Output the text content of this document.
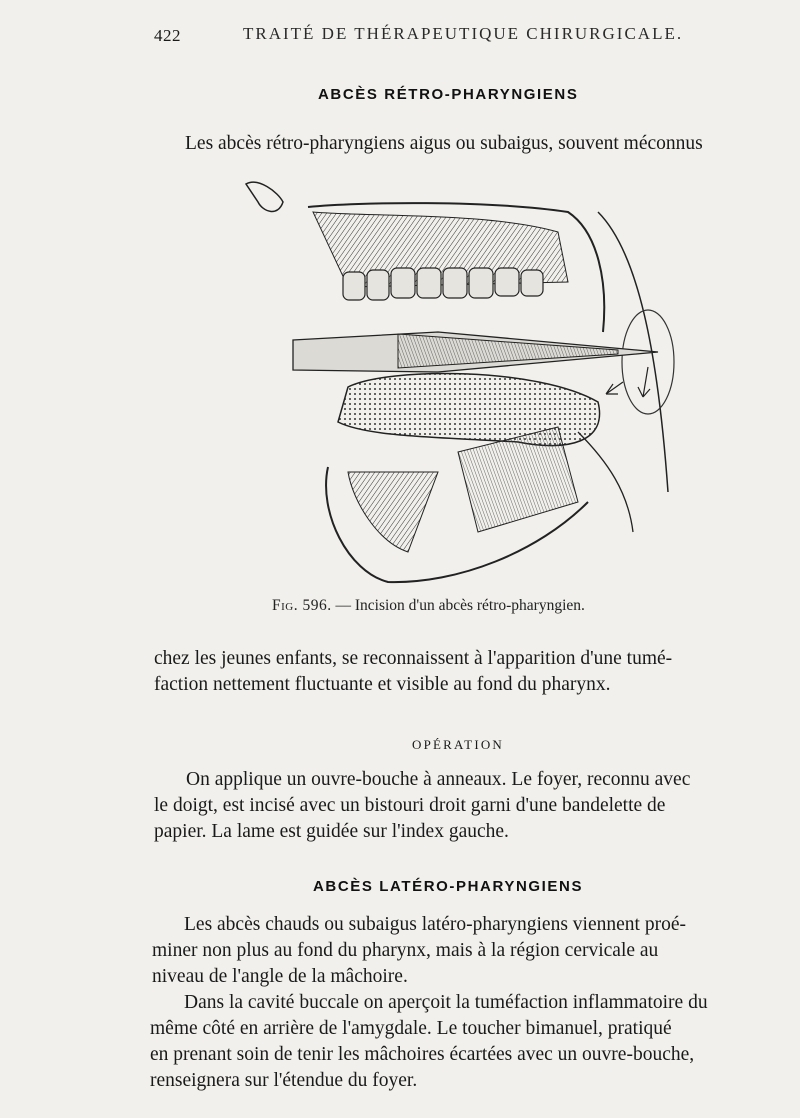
422	TRAITÉ DE THÉRAPEUTIQUE CHIRURGICALE.
ABCÈS RÉTRO-PHARYNGIENS
Les abcès rétro-pharyngiens aigus ou subaigus, souvent méconnus
Fig. 596. — Incision d'un abcès rétro-pharyngien.
chez les jeunes enfants, se reconnaissent à l'apparition d'une tumé-
faction nettement fluctuante et visible au fond du pharynx.
OPÉRATION
On applique un ouvre-bouche à anneaux. Le foyer, reconnu avec
le doigt, est incisé avec un bistouri droit garni d'une bandelette de
papier. La lame est guidée sur l'index gauche.
ABCÈS LATÉRO-PHARYNGIENS
Les abcès chauds ou subaigus latéro-pharyngiens viennent proé-
miner non plus au fond du pharynx, mais à la région cervicale au
niveau de l'angle de la mâchoire.
Dans la cavité buccale on aperçoit la tuméfaction inflammatoire du
même côté en arrière de l'amygdale. Le toucher bimanuel, pratiqué
en prenant soin de tenir les mâchoires écartées avec un ouvre-bouche,
renseignera sur l'étendue du foyer.
